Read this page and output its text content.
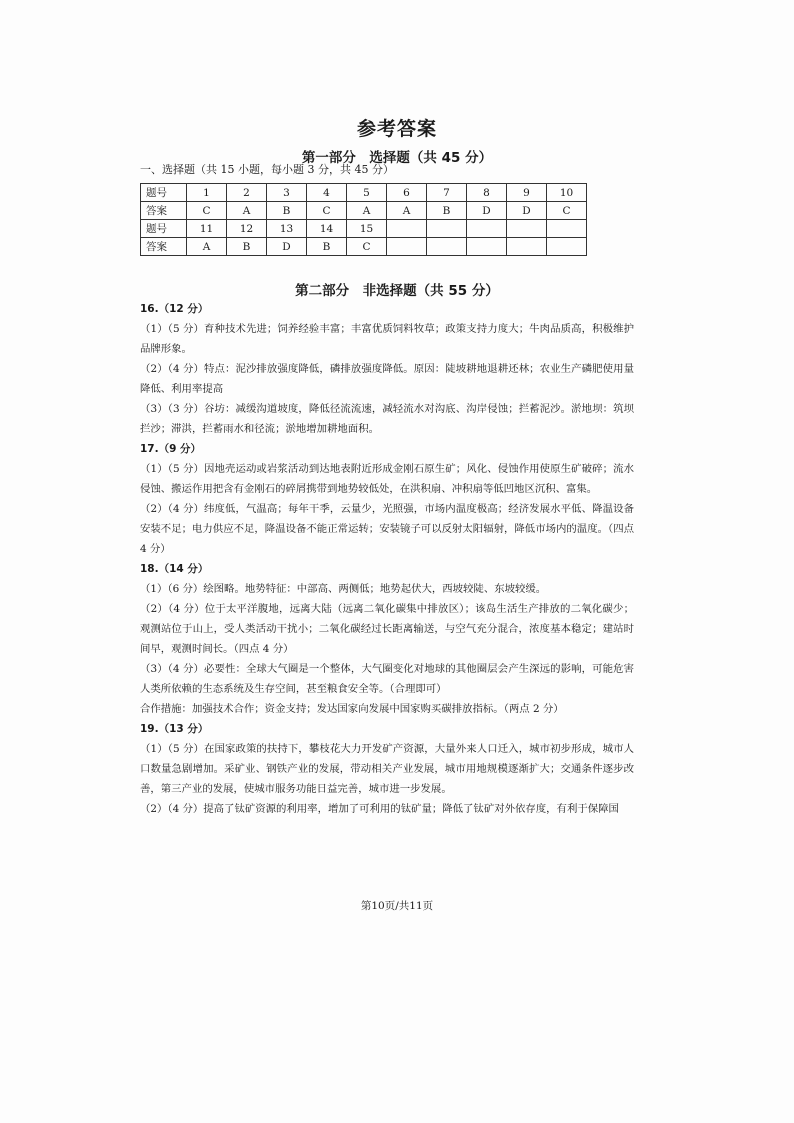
参考答案
第一部分　选择题（共 45 分）
一、选择题（共 15 小题，每小题 3 分，共 45 分）
题号	1	2	3	4	5	6	7	8	9	10
答案	C	A	B	C	A	A	B	D	D	C
题号	11	12	13	14	15					
答案	A	B	D	B	C					
第二部分　非选择题（共 55 分）
16.（12 分）
（1）（5 分）育种技术先进；饲养经验丰富；丰富优质饲料牧草；政策支持力度大；牛肉品质高，积极维护品牌形象。
（2）（4 分）特点：泥沙排放强度降低，磷排放强度降低。原因：陡坡耕地退耕还林；农业生产磷肥使用量降低、利用率提高
（3）（3 分）谷坊：减缓沟道坡度，降低径流流速，减轻流水对沟底、沟岸侵蚀；拦蓄泥沙。淤地坝：筑坝拦沙；滞洪，拦蓄雨水和径流；淤地增加耕地面积。
17.（9 分）
（1）（5 分）因地壳运动或岩浆活动到达地表附近形成金刚石原生矿；风化、侵蚀作用使原生矿破碎；流水侵蚀、搬运作用把含有金刚石的碎屑携带到地势较低处，在洪积扇、冲积扇等低凹地区沉积、富集。
（2）（4 分）纬度低，气温高；每年干季，云量少，光照强，市场内温度极高；经济发展水平低、降温设备安装不足；电力供应不足，降温设备不能正常运转；安装镜子可以反射太阳辐射，降低市场内的温度。（四点 4 分）
18.（14 分）
（1）（6 分）绘图略。地势特征：中部高、两侧低；地势起伏大，西坡较陡、东坡较缓。
（2）（4 分）位于太平洋腹地，远离大陆（远离二氧化碳集中排放区）；该岛生活生产排放的二氧化碳少；观测站位于山上，受人类活动干扰小；二氧化碳经过长距离输送，与空气充分混合，浓度基本稳定；建站时间早，观测时间长。（四点 4 分）
（3）（4 分）必要性：全球大气圈是一个整体，大气圈变化对地球的其他圈层会产生深远的影响，可能危害人类所依赖的生态系统及生存空间，甚至粮食安全等。（合理即可）
合作措施：加强技术合作；资金支持；发达国家向发展中国家购买碳排放指标。（两点 2 分）
19.（13 分）
（1）（5 分）在国家政策的扶持下，攀枝花大力开发矿产资源，大量外来人口迁入，城市初步形成，城市人口数量急剧增加。采矿业、钢铁产业的发展，带动相关产业发展，城市用地规模逐渐扩大；交通条件逐步改善，第三产业的发展，使城市服务功能日益完善，城市进一步发展。
（2）（4 分）提高了钛矿资源的利用率，增加了可利用的钛矿量；降低了钛矿对外依存度，有利于保障国
第10页/共11页
